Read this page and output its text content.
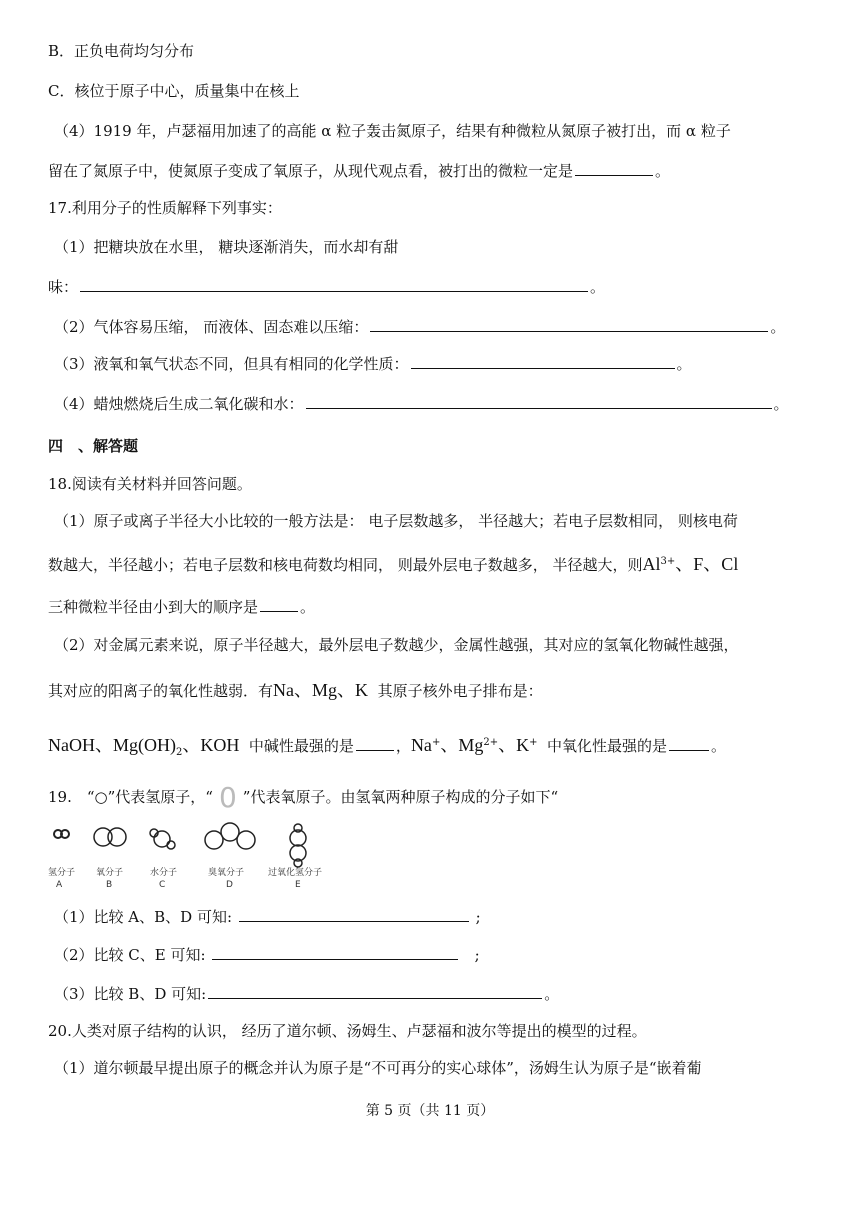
B．正负电荷均匀分布
C．核位于原子中心，质量集中在核上
（4）1919 年，卢瑟福用加速了的高能 α 粒子轰击氮原子，结果有种微粒从氮原子被打出，而 α 粒子
留在了氮原子中，使氮原子变成了氧原子，从现代观点看，被打出的微粒一定是	。
17.利用分子的性质解释下列事实：
（1）把糖块放在水里， 糖块逐渐消失，而水却有甜
味：	。
（2）气体容易压缩， 而液体、固态难以压缩：	。
（3）液氧和氧气状态不同，但具有相同的化学性质：	。
（4）蜡烛燃烧后生成二氧化碳和水：	。
四　、解答题
18.阅读有关材料并回答问题。
（1）原子或离子半径大小比较的一般方法是： 电子层数越多， 半径越大；若电子层数相同， 则核电荷
数越大，半径越小；若电子层数和核电荷数均相同， 则最外层电子数越多， 半径越大，则$Al^{3+}$、F、Cl
三种微粒半径由小到大的顺序是	。
（2）对金属元素来说，原子半径越大，最外层电子数越少，金属性越强，其对应的氢氧化物碱性越强，
其对应的阳离子的氧化性越弱．有Na、Mg、K 其原子核外电子排布是：
NaOH、$Mg(OH)_2$、KOH 中碱性最强的是	，Na+、$Mg^{2+}$、K+ 中氧化性最强的是	。
19.　“○”代表氢原子，“ 0 ”代表氧原子。由氢氧两种原子构成的分子如下“
氢分子 氧分子	水分子	臭氧分子	过氧化氢分子
A	B	C	D	E
（1）比较 A、B、D 可知:	;
（2）比较 C、E 可知:	;
（3）比较 B、D 可知:	。
20.人类对原子结构的认识， 经历了道尔顿、汤姆生、卢瑟福和波尔等提出的模型的过程。
（1）道尔顿最早提出原子的概念并认为原子是“不可再分的实心球体”，汤姆生认为原子是“嵌着葡
第 5 页（共 11 页）
